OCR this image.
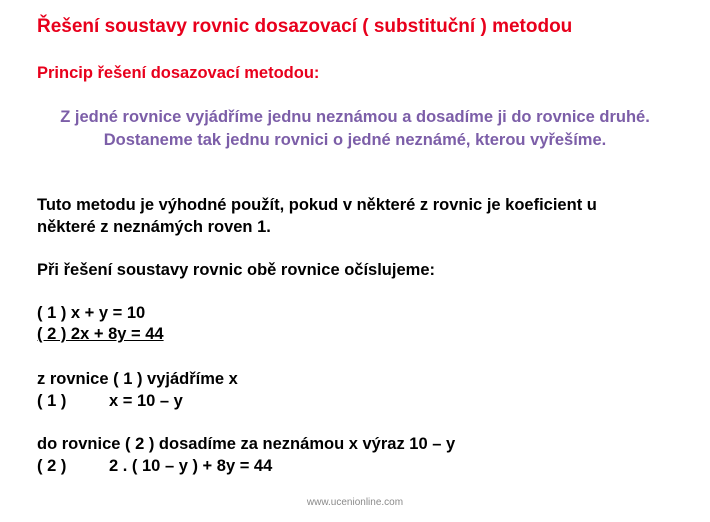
Řešení soustavy rovnic dosazovací ( substituční ) metodou
Princip řešení dosazovací metodou:
Z jedné rovnice vyjádříme jednu neznámou a dosadíme ji do rovnice druhé.
Dostaneme tak jednu rovnici o jedné neznámé, kterou vyřešíme.
Tuto metodu je výhodné použít, pokud v některé z rovnic je koeficient u
některé z neznámých roven 1.
Při řešení soustavy rovnic obě rovnice očíslujeme:
( 1 ) x + y = 10
( 2 ) 2x + 8y = 44
z rovnice ( 1 ) vyjádříme x
( 1 )	x = 10 – y
do rovnice ( 2 ) dosadíme za neznámou x výraz 10 – y
( 2 )	2 . ( 10 – y ) + 8y = 44
www.ucenionline.com
